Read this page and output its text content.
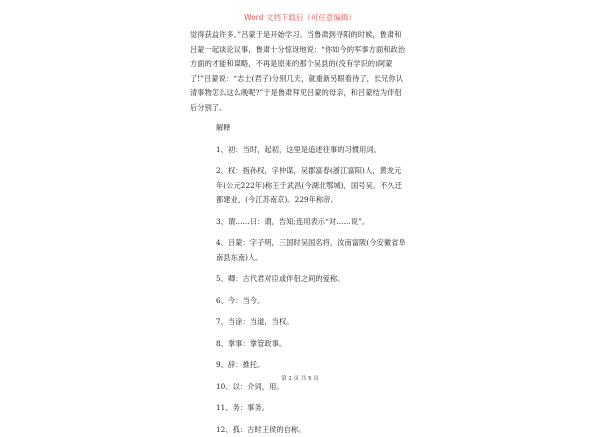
Word 文档下载后（可任意编辑）

觉得获益许多。”吕蒙于是开始学习。当鲁肃到寻阳的时候，鲁肃和吕蒙一起谈论议事，鲁肃十分惊讶地说：“你如今的军事方面和政治方面的才能和谋略，不再是原来的那个吴县的(没有学识的)阿蒙了!”吕蒙说：“志士(君子)分别几天，就重新另眼看待了，长兄你认清事物怎么这么晚呢?”于是鲁肃拜见吕蒙的母亲，和吕蒙结为伴侣后分别了。

解释

1、初：当时，起初，这里是追述往事的习惯用词。

2、权：指孙权，字仲谋，吴郡富春(浙江富阳)人，黄龙元年(公元222年)称王于武昌(今湖北鄂城)，国号吴，不久迁都建业，(今江苏南京)。229年称帝。

3、谓……曰：谓，告知;连用表示“对……说”。

4、吕蒙：字子明，三国时吴国名将，汝南富陂(今安徽省阜南县东南)人。

5、卿：古代君对臣或伴侣之间的爱称。

6、今：当今。

7、当涂：当道，当权。

8、掌事：掌管政事。

9、辞：推托。

10、以：介词，用。

11、务：事务。

12、孤：古时王侯的自称。

第 2 页 共 5 页
